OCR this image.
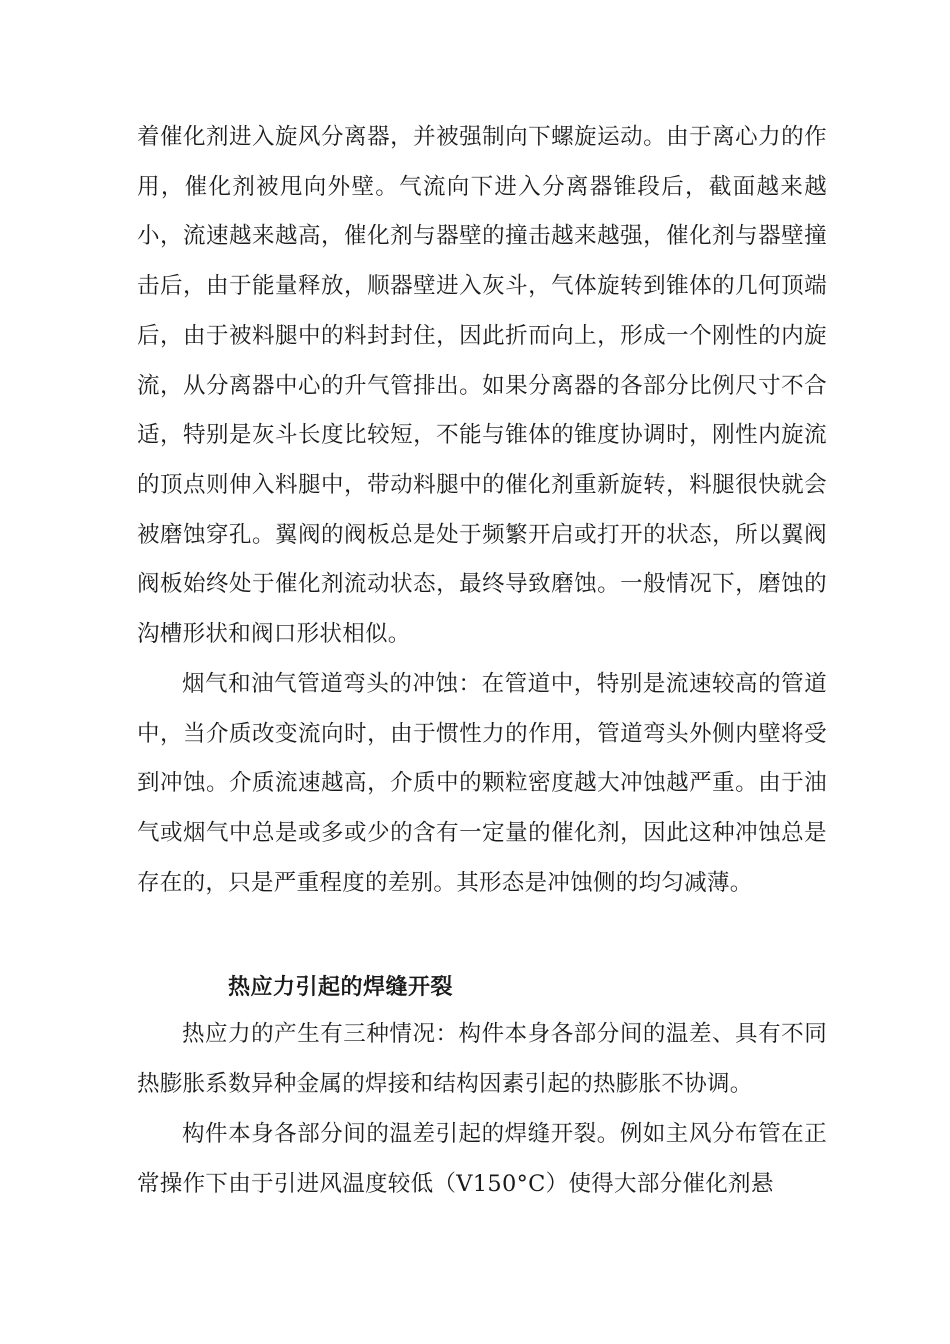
着催化剂进入旋风分离器，并被强制向下螺旋运动。由于离心力的作用，催化剂被甩向外壁。气流向下进入分离器锥段后，截面越来越小，流速越来越高，催化剂与器壁的撞击越来越强，催化剂与器壁撞击后，由于能量释放，顺器壁进入灰斗，气体旋转到锥体的几何顶端后，由于被料腿中的料封封住，因此折而向上，形成一个刚性的内旋流，从分离器中心的升气管排出。如果分离器的各部分比例尺寸不合适，特别是灰斗长度比较短，不能与锥体的锥度协调时，刚性内旋流的顶点则伸入料腿中，带动料腿中的催化剂重新旋转，料腿很快就会被磨蚀穿孔。翼阀的阀板总是处于频繁开启或打开的状态，所以翼阀阀板始终处于催化剂流动状态，最终导致磨蚀。一般情况下，磨蚀的沟槽形状和阀口形状相似。

烟气和油气管道弯头的冲蚀：在管道中，特别是流速较高的管道中，当介质改变流向时，由于惯性力的作用，管道弯头外侧内壁将受到冲蚀。介质流速越高，介质中的颗粒密度越大冲蚀越严重。由于油气或烟气中总是或多或少的含有一定量的催化剂，因此这种冲蚀总是存在的，只是严重程度的差别。其形态是冲蚀侧的均匀减薄。

热应力引起的焊缝开裂

热应力的产生有三种情况：构件本身各部分间的温差、具有不同热膨胀系数异种金属的焊接和结构因素引起的热膨胀不协调。

构件本身各部分间的温差引起的焊缝开裂。例如主风分布管在正常操作下由于引进风温度较低（V150°C）使得大部分催化剂悬
